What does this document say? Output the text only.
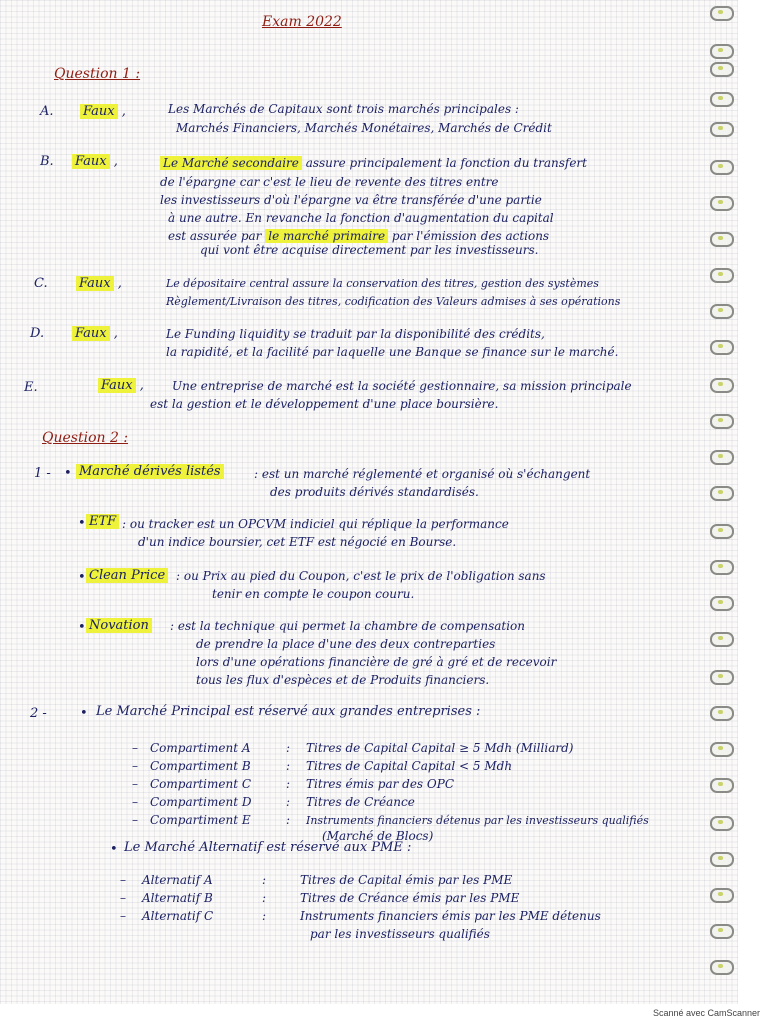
Exam 2022
Question 1 :
A. Faux ,	Les Marchés de Capitaux sont trois marchés principales :
Marchés Financiers, Marchés Monétaires, Marchés de Crédit
B. Faux ,	Le Marché secondaire assure principalement la fonction du transfert
de l'épargne car c'est le lieu de revente des titres entre
les investisseurs d'où l'épargne va être transférée d'une partie
à une autre. En revanche la fonction d'augmentation du capital
est assurée par le marché primaire par l'émission des actions
qui vont être acquise directement par les investisseurs.
C. Faux ,	Le dépositaire central assure la conservation des titres, gestion des systèmes
Règlement/Livraison des titres, codification des Valeurs admises à ses opérations
D. Faux ,	Le Funding liquidity se traduit par la disponibilité des crédits,
la rapidité, et la facilité par laquelle une Banque se finance sur le marché.
E.	Faux , Une entreprise de marché est la société gestionnaire, sa mission principale
est la gestion et le développement d'une place boursière.
Question 2 :
1 - • Marché dérivés listés	: est un marché réglementé et organisé où s'échangent
des produits dérivés standardisés.
• ETF : ou tracker est un OPCVM indiciel qui réplique la performance
d'un indice boursier, cet ETF est négocié en Bourse.
• Clean Price : ou Prix au pied du Coupon, c'est le prix de l'obligation sans
tenir en compte le coupon couru.
• Novation : est la technique qui permet la chambre de compensation
de prendre la place d'une des deux contreparties
lors d'une opérations financière de gré à gré et de recevoir
tous les flux d'espèces et de Produits financiers.
2 -	• Le Marché Principal est réservé aux grandes entreprises :
– Compartiment A	: Titres de Capital Capital ≥ 5 Mdh (Milliard)
– Compartiment B	: Titres de Capital Capital < 5 Mdh
– Compartiment C	: Titres émis par des OPC
– Compartiment D	: Titres de Créance
– Compartiment E	: Instruments financiers détenus par les investisseurs qualifiés
(Marché de Blocs)
• Le Marché Alternatif est réservé aux PME :
– Alternatif A	:	Titres de Capital émis par les PME
– Alternatif B	:	Titres de Créance émis par les PME
– Alternatif C	:	Instruments financiers émis par les PME détenus
par les investisseurs qualifiés
Scanné avec CamScanner
